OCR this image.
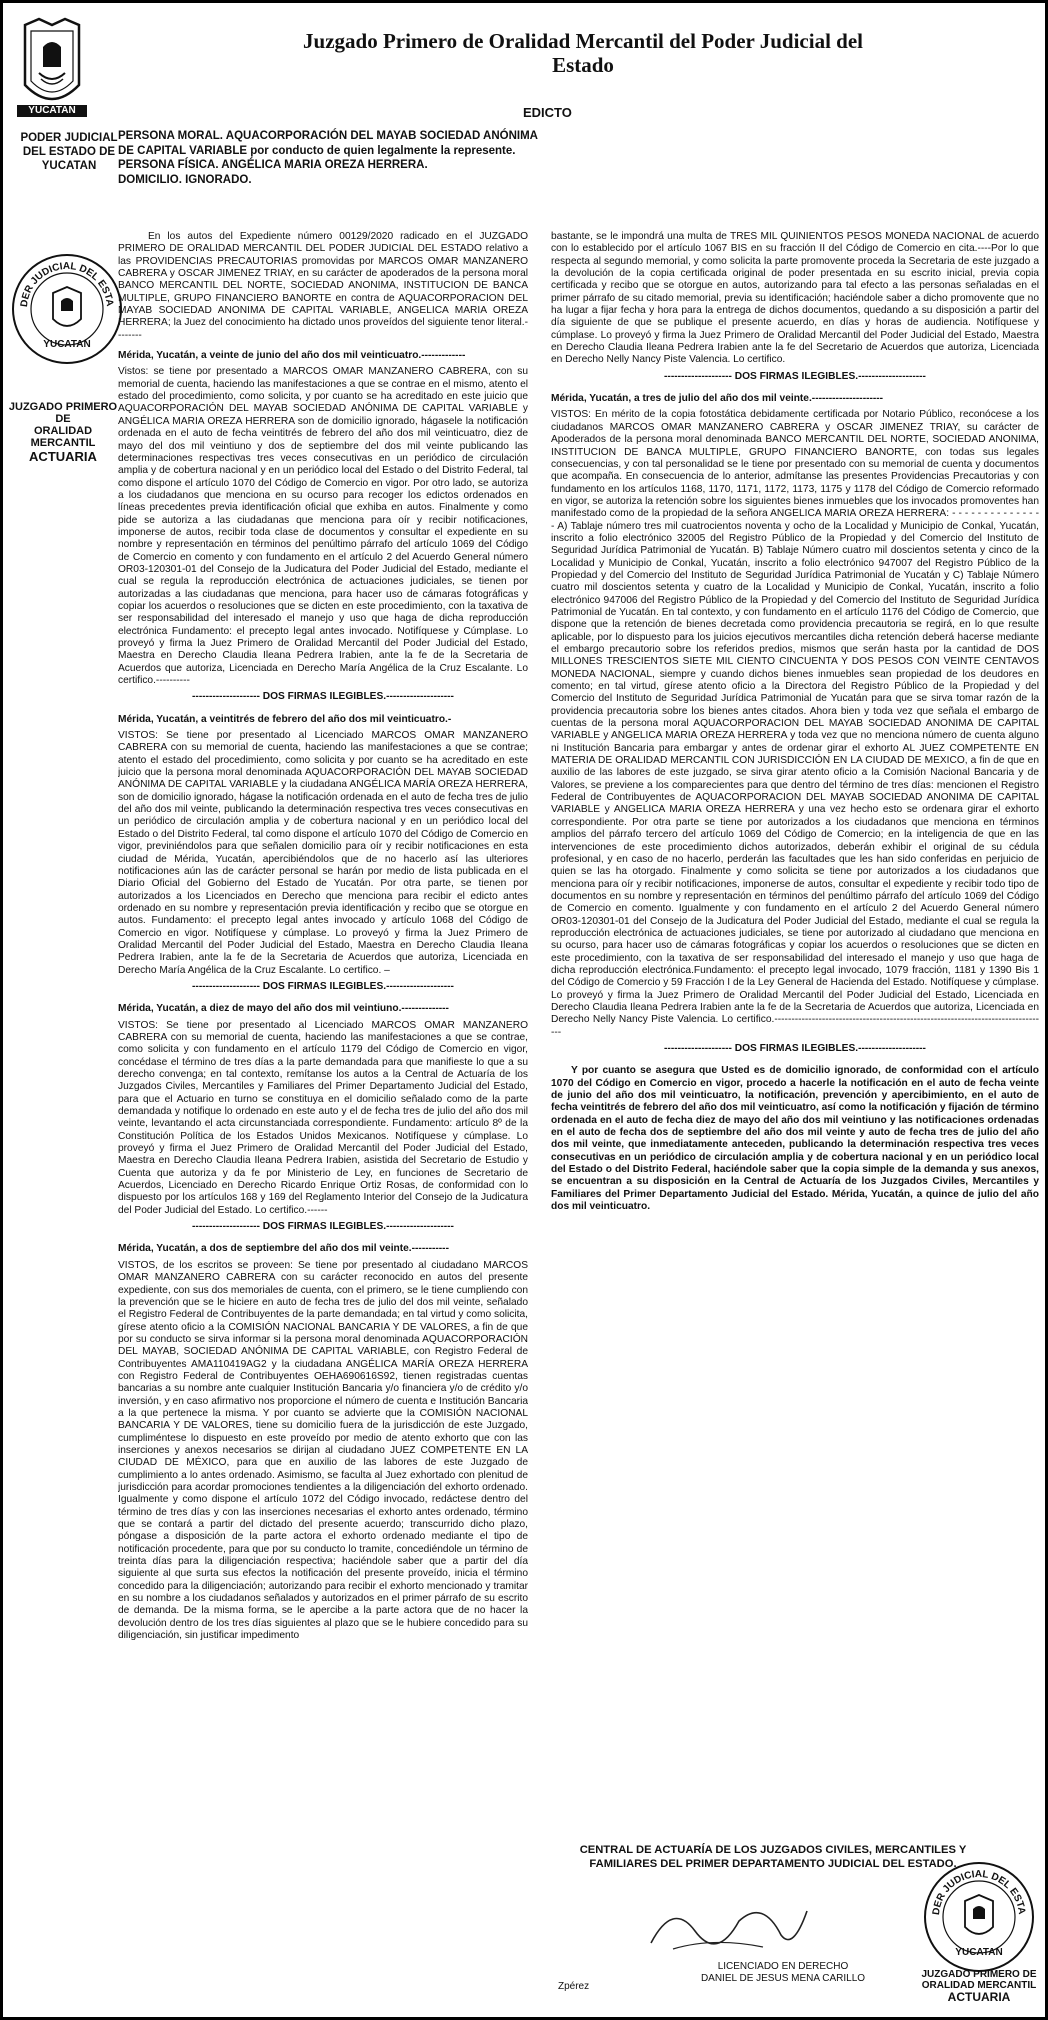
YUCATAN
PODER JUDICIAL
DEL ESTADO DE
YUCATAN
Juzgado Primero de Oralidad Mercantil del Poder Judicial del Estado
EDICTO
PERSONA MORAL. AQUACORPORACIÓN DEL MAYAB SOCIEDAD ANÓNIMA DE CAPITAL VARIABLE por conducto de quien legalmente la represente.
PERSONA FÍSICA. ANGÉLICA MARIA OREZA HERRERA.
DOMICILIO. IGNORADO.
DER JUDICIAL DEL ESTA
YUCATAN
JUZGADO PRIMERO DE
ORALIDAD MERCANTIL
ACTUARIA

En los autos del Expediente número 00129/2020 radicado en el JUZGADO PRIMERO DE ORALIDAD MERCANTIL DEL PODER JUDICIAL DEL ESTADO relativo a las PROVIDENCIAS PRECAUTORIAS promovidas por MARCOS OMAR MANZANERO CABRERA y OSCAR JIMENEZ TRIAY, en su carácter de apoderados de la persona moral BANCO MERCANTIL DEL NORTE, SOCIEDAD ANONIMA, INSTITUCION DE BANCA MULTIPLE, GRUPO FINANCIERO BANORTE en contra de AQUACORPORACION DEL MAYAB SOCIEDAD ANONIMA DE CAPITAL VARIABLE, ANGELICA MARIA OREZA HERRERA; la Juez del conocimiento ha dictado unos proveídos del siguiente tenor literal.--------

Mérida, Yucatán, a veinte de junio del año dos mil veinticuatro.-------------

Vistos: se tiene por presentado a MARCOS OMAR MANZANERO CABRERA, con su memorial de cuenta, haciendo las manifestaciones a que se contrae en el mismo, atento el estado del procedimiento, como solicita, y por cuanto se ha acreditado en este juicio que AQUACORPORACIÓN DEL MAYAB SOCIEDAD ANÓNIMA DE CAPITAL VARIABLE y ANGÉLICA MARIA OREZA HERRERA son de domicilio ignorado, hágasele la notificación ordenada en el auto de fecha veintitrés de febrero del año dos mil veinticuatro, diez de mayo del dos mil veintiuno y dos de septiembre del dos mil veinte publicando las determinaciones respectivas tres veces consecutivas en un periódico de circulación amplia y de cobertura nacional y en un periódico local del Estado o del Distrito Federal, tal como dispone el artículo 1070 del Código de Comercio en vigor. Por otro lado, se autoriza a los ciudadanos que menciona en su ocurso para recoger los edictos ordenados en líneas precedentes previa identificación oficial que exhiba en autos. Finalmente y como pide se autoriza a las ciudadanas que menciona para oír y recibir notificaciones, imponerse de autos, recibir toda clase de documentos y consultar el expediente en su nombre y representación en términos del penúltimo párrafo del artículo 1069 del Código de Comercio en comento y con fundamento en el artículo 2 del Acuerdo General número OR03-120301-01 del Consejo de la Judicatura del Poder Judicial del Estado, mediante el cual se regula la reproducción electrónica de actuaciones judiciales, se tienen por autorizadas a las ciudadanas que menciona, para hacer uso de cámaras fotográficas y copiar los acuerdos o resoluciones que se dicten en este procedimiento, con la taxativa de ser responsabilidad del interesado el manejo y uso que haga de dicha reproducción electrónica Fundamento: el precepto legal antes invocado. Notifíquese y Cúmplase. Lo proveyó y firma la Juez Primero de Oralidad Mercantil del Poder Judicial del Estado, Maestra en Derecho Claudia Ileana Pedrera Irabien, ante la fe de la Secretaria de Acuerdos que autoriza, Licenciada en Derecho María Angélica de la Cruz Escalante. Lo certifico.----------

-------------------- DOS FIRMAS ILEGIBLES.--------------------

Mérida, Yucatán, a veintitrés de febrero del año dos mil veinticuatro.-

VISTOS: Se tiene por presentado al Licenciado MARCOS OMAR MANZANERO CABRERA con su memorial de cuenta, haciendo las manifestaciones a que se contrae; atento el estado del procedimiento, como solicita y por cuanto se ha acreditado en este juicio que la persona moral denominada AQUACORPORACIÓN DEL MAYAB SOCIEDAD ANÓNIMA DE CAPITAL VARIABLE y la ciudadana ANGÉLICA MARÍA OREZA HERRERA, son de domicilio ignorado, hágase la notificación ordenada en el auto de fecha tres de julio del año dos mil veinte, publicando la determinación respectiva tres veces consecutivas en un periódico de circulación amplia y de cobertura nacional y en un periódico local del Estado o del Distrito Federal, tal como dispone el artículo 1070 del Código de Comercio en vigor, previniéndolos para que señalen domicilio para oír y recibir notificaciones en esta ciudad de Mérida, Yucatán, apercibiéndolos que de no hacerlo así las ulteriores notificaciones aún las de carácter personal se harán por medio de lista publicada en el Diario Oficial del Gobierno del Estado de Yucatán. Por otra parte, se tienen por autorizados a los Licenciados en Derecho que menciona para recibir el edicto antes ordenado en su nombre y representación previa identificación y recibo que se otorgue en autos. Fundamento: el precepto legal antes invocado y artículo 1068 del Código de Comercio en vigor. Notifíquese y cúmplase. Lo proveyó y firma la Juez Primero de Oralidad Mercantil del Poder Judicial del Estado, Maestra en Derecho Claudia Ileana Pedrera Irabien, ante la fe de la Secretaria de Acuerdos que autoriza, Licenciada en Derecho María Angélica de la Cruz Escalante. Lo certifico. –

-------------------- DOS FIRMAS ILEGIBLES.--------------------

Mérida, Yucatán, a diez de mayo del año dos mil veintiuno.--------------

VISTOS: Se tiene por presentado al Licenciado MARCOS OMAR MANZANERO CABRERA con su memorial de cuenta, haciendo las manifestaciones a que se contrae, como solicita y con fundamento en el artículo 1179 del Código de Comercio en vigor, concédase el término de tres días a la parte demandada para que manifieste lo que a su derecho convenga; en tal contexto, remítanse los autos a la Central de Actuaría de los Juzgados Civiles, Mercantiles y Familiares del Primer Departamento Judicial del Estado, para que el Actuario en turno se constituya en el domicilio señalado como de la parte demandada y notifique lo ordenado en este auto y el de fecha tres de julio del año dos mil veinte, levantando el acta circunstanciada correspondiente. Fundamento: artículo 8º de la Constitución Política de los Estados Unidos Mexicanos. Notifíquese y cúmplase. Lo proveyó y firma el Juez Primero de Oralidad Mercantil del Poder Judicial del Estado, Maestra en Derecho Claudia Ileana Pedrera Irabien, asistida del Secretario de Estudio y Cuenta que autoriza y da fe por Ministerio de Ley, en funciones de Secretario de Acuerdos, Licenciado en Derecho Ricardo Enrique Ortiz Rosas, de conformidad con lo dispuesto por los artículos 168 y 169 del Reglamento Interior del Consejo de la Judicatura del Poder Judicial del Estado. Lo certifico.------

-------------------- DOS FIRMAS ILEGIBLES.--------------------

Mérida, Yucatán, a dos de septiembre del año dos mil veinte.-----------

VISTOS, de los escritos se proveen: Se tiene por presentado al ciudadano MARCOS OMAR MANZANERO CABRERA con su carácter reconocido en autos del presente expediente, con sus dos memoriales de cuenta, con el primero, se le tiene cumpliendo con la prevención que se le hiciere en auto de fecha tres de julio del dos mil veinte, señalado el Registro Federal de Contribuyentes de la parte demandada; en tal virtud y como solicita, gírese atento oficio a la COMISIÓN NACIONAL BANCARIA Y DE VALORES, a fin de que por su conducto se sirva informar si la persona moral denominada AQUACORPORACIÓN DEL MAYAB, SOCIEDAD ANÓNIMA DE CAPITAL VARIABLE, con Registro Federal de Contribuyentes AMA110419AG2 y la ciudadana ANGÉLICA MARÍA OREZA HERRERA con Registro Federal de Contribuyentes OEHA690616S92, tienen registradas cuentas bancarias a su nombre ante cualquier Institución Bancaria y/o financiera y/o de crédito y/o inversión, y en caso afirmativo nos proporcione el número de cuenta e Institución Bancaria a la que pertenece la misma. Y por cuanto se advierte que la COMISIÓN NACIONAL BANCARIA Y DE VALORES, tiene su domicilio fuera de la jurisdicción de este Juzgado, cumpliméntese lo dispuesto en este proveído por medio de atento exhorto que con las inserciones y anexos necesarios se dirijan al ciudadano JUEZ COMPETENTE EN LA CIUDAD DE MÉXICO, para que en auxilio de las labores de este Juzgado de cumplimiento a lo antes ordenado. Asimismo, se faculta al Juez exhortado con plenitud de jurisdicción para acordar promociones tendientes a la diligenciación del exhorto ordenado. Igualmente y como dispone el artículo 1072 del Código invocado, redáctese dentro del término de tres días y con las inserciones necesarias el exhorto antes ordenado, término que se contará a partir del dictado del presente acuerdo; transcurrido dicho plazo, póngase a disposición de la parte actora el exhorto ordenado mediante el tipo de notificación procedente, para que por su conducto lo tramite, concediéndole un término de treinta días para la diligenciación respectiva; haciéndole saber que a partir del día siguiente al que surta sus efectos la notificación del presente proveído, inicia el término concedido para la diligenciación; autorizando para recibir el exhorto mencionado y tramitar en su nombre a los ciudadanos señalados y autorizados en el primer párrafo de su escrito de demanda. De la misma forma, se le apercibe a la parte actora que de no hacer la devolución dentro de los tres días siguientes al plazo que se le hubiere concedido para su diligenciación, sin justificar impedimento

bastante, se le impondrá una multa de TRES MIL QUINIENTOS PESOS MONEDA NACIONAL de acuerdo con lo establecido por el artículo 1067 BIS en su fracción II del Código de Comercio en cita.----Por lo que respecta al segundo memorial, y como solicita la parte promovente procedа la Secretaria de este juzgado a la devolución de la copia certificada original de poder presentada en su escrito inicial, previa copia certificada y recibo que se otorgue en autos, autorizando para tal efecto a las personas señaladas en el primer párrafo de su citado memorial, previa su identificación; haciéndole saber a dicho promovente que no ha lugar a fijar fecha y hora para la entrega de dichos documentos, quedando a su disposición a partir del día siguiente de que se publique el presente acuerdo, en días y horas de audiencia. Notifíquese y cúmplase. Lo proveyó y firma la Juez Primero de Oralidad Mercantil del Poder Judicial del Estado, Maestra en Derecho Claudia Ileana Pedrera Irabien ante la fe del Secretario de Acuerdos que autoriza, Licenciada en Derecho Nelly Nancy Piste Valencia. Lo certifico.

-------------------- DOS FIRMAS ILEGIBLES.--------------------

Mérida, Yucatán, a tres de julio del año dos mil veinte.---------------------

VISTOS: En mérito de la copia fotostática debidamente certificada por Notario Público, reconócese a los ciudadanos MARCOS OMAR MANZANERO CABRERA y OSCAR JIMENEZ TRIAY, su carácter de Apoderados de la persona moral denominada BANCO MERCANTIL DEL NORTE, SOCIEDAD ANONIMA, INSTITUCION DE BANCA MULTIPLE, GRUPO FINANCIERO BANORTE, con todas sus legales consecuencias, y con tal personalidad se le tiene por presentado con su memorial de cuenta y documentos que acompaña. En consecuencia de lo anterior, admítanse las presentes Providencias Precautorias y con fundamento en los artículos 1168, 1170, 1171, 1172, 1173, 1175 y 1178 del Código de Comercio reformado en vigor, se autoriza la retención sobre los siguientes bienes inmuebles que los invocados promoventes han manifestado como de la propiedad de la señora ANGELICA MARIA OREZA HERRERA: - - - - - - - - - - - - - - - A) Tablaje número tres mil cuatrocientos noventa y ocho de la Localidad y Municipio de Conkal, Yucatán, inscrito a folio electrónico 32005 del Registro Público de la Propiedad y del Comercio del Instituto de Seguridad Jurídica Patrimonial de Yucatán. B) Tablaje Número cuatro mil doscientos setenta y cinco de la Localidad y Municipio de Conkal, Yucatán, inscrito a folio electrónico 947007 del Registro Público de la Propiedad y del Comercio del Instituto de Seguridad Jurídica Patrimonial de Yucatán y C) Tablaje Número cuatro mil doscientos setenta y cuatro de la Localidad y Municipio de Conkal, Yucatán, inscrito a folio electrónico 947006 del Registro Público de la Propiedad y del Comercio del Instituto de Seguridad Jurídica Patrimonial de Yucatán. En tal contexto, y con fundamento en el artículo 1176 del Código de Comercio, que dispone que la retención de bienes decretada como providencia precautoria se regirá, en lo que resulte aplicable, por lo dispuesto para los juicios ejecutivos mercantiles dicha retención deberá hacerse mediante el embargo precautorio sobre los referidos predios, mismos que serán hasta por la cantidad de DOS MILLONES TRESCIENTOS SIETE MIL CIENTO CINCUENTA Y DOS PESOS CON VEINTE CENTAVOS MONEDA NACIONAL, siempre y cuando dichos bienes inmuebles sean propiedad de los deudores en comento; en tal virtud, gírese atento oficio a la Directora del Registro Público de la Propiedad y del Comercio del Instituto de Seguridad Jurídica Patrimonial de Yucatán para que se sirva tomar razón de la providencia precautoria sobre los bienes antes citados. Ahora bien y toda vez que señala el embargo de cuentas de la persona moral AQUACORPORACION DEL MAYAB SOCIEDAD ANONIMA DE CAPITAL VARIABLE y ANGELICA MARIA OREZA HERRERA y toda vez que no menciona número de cuenta alguno ni Institución Bancaria para embargar y antes de ordenar girar el exhorto AL JUEZ COMPETENTE EN MATERIA DE ORALIDAD MERCANTIL CON JURISDICCIÓN EN LA CIUDAD DE MEXICO, a fin de que en auxilio de las labores de este juzgado, se sirva girar atento oficio a la Comisión Nacional Bancaria y de Valores, se previene a los comparecientes para que dentro del término de tres días: mencionen el Registro Federal de Contribuyentes de AQUACORPORACION DEL MAYAB SOCIEDAD ANONIMA DE CAPITAL VARIABLE y ANGELICA MARIA OREZA HERRERA y una vez hecho esto se ordenara girar el exhorto correspondiente. Por otra parte se tiene por autorizados a los ciudadanos que menciona en términos amplios del párrafo tercero del artículo 1069 del Código de Comercio; en la inteligencia de que en las intervenciones de este procedimiento dichos autorizados, deberán exhibir el original de su cédula profesional, y en caso de no hacerlo, perderán las facultades que les han sido conferidas en perjuicio de quien se las ha otorgado. Finalmente y como solicita se tiene por autorizados a los ciudadanos que menciona para oír y recibir notificaciones, imponerse de autos, consultar el expediente y recibir todo tipo de documentos en su nombre y representación en términos del penúltimo párrafo del artículo 1069 del Código de Comercio en comento. Igualmente y con fundamento en el artículo 2 del Acuerdo General número OR03-120301-01 del Consejo de la Judicatura del Poder Judicial del Estado, mediante el cual se regula la reproducción electrónica de actuaciones judiciales, se tiene por autorizado al ciudadano que menciona en su ocurso, para hacer uso de cámaras fotográficas y copiar los acuerdos o resoluciones que se dicten en este procedimiento, con la taxativa de ser responsabilidad del interesado el manejo y uso que haga de dicha reproducción electrónica.Fundamento: el precepto legal invocado, 1079 fracción, 1181 y 1390 Bis 1 del Código de Comercio y 59 Fracción I de la Ley General de Hacienda del Estado. Notifíquese y cúmplase. Lo proveyó y firma la Juez Primero de Oralidad Mercantil del Poder Judicial del Estado, Licenciada en Derecho Claudia Ileana Pedrera Irabien ante la fe de la Secretaria de Acuerdos que autoriza, Licenciada en Derecho Nelly Nancy Piste Valencia. Lo certifico.---------------------------------------------------------------------------------

-------------------- DOS FIRMAS ILEGIBLES.--------------------

Y por cuanto se asegura que Usted es de domicilio ignorado, de conformidad con el artículo 1070 del Código en Comercio en vigor, procedo a hacerle la notificación en el auto de fecha veinte de junio del año dos mil veinticuatro, la notificación, prevención y apercibimiento, en el auto de fecha veintitrés de febrero del año dos mil veinticuatro, así como la notificación y fijación de término ordenada en el auto de fecha diez de mayo del año dos mil veintiuno y las notificaciones ordenadas en el auto de fecha dos de septiembre del año dos mil veinte y auto de fecha tres de julio del año dos mil veinte, que inmediatamente anteceden, publicando la determinación respectiva tres veces consecutivas en un periódico de circulación amplia y de cobertura nacional y en un periódico local del Estado o del Distrito Federal, haciéndole saber que la copia simple de la demanda y sus anexos, se encuentran a su disposición en la Central de Actuaría de los Juzgados Civiles, Mercantiles y Familiares del Primer Departamento Judicial del Estado. Mérida, Yucatán, a quince de julio del año dos mil veinticuatro.

CENTRAL DE ACTUARÍA DE LOS JUZGADOS CIVILES, MERCANTILES Y
FAMILIARES DEL PRIMER DEPARTAMENTO JUDICIAL DEL ESTADO.
LICENCIADO EN DERECHO
DANIEL DE JESUS MENA CARILLO
Zpérez
DER JUDICIAL DEL ESTA
YUCATAN
JUZGADO PRIMERO DE
ORALIDAD MERCANTIL
ACTUARIA
